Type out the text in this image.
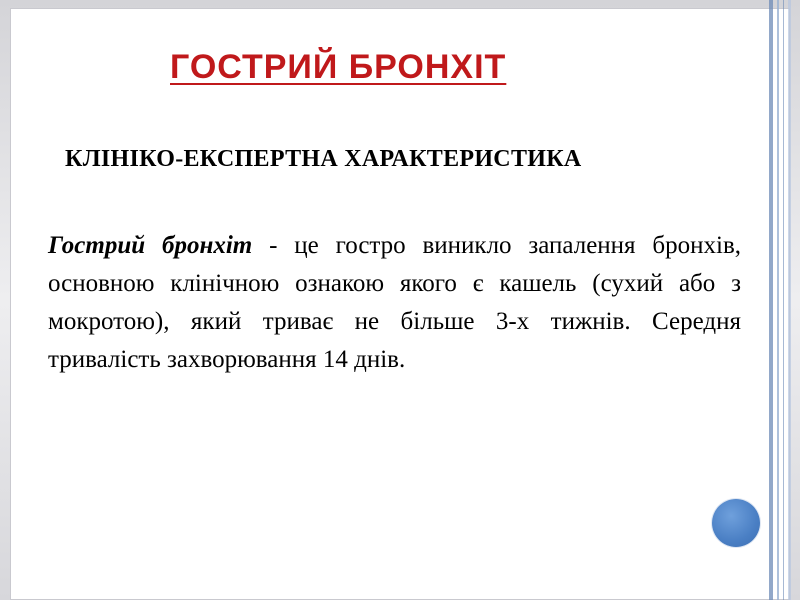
ГОСТРИЙ БРОНХІТ
КЛІНІКО-ЕКСПЕРТНА ХАРАКТЕРИСТИКА

Гострий бронхіт - це гостро виникло запалення бронхів, основною клінічною ознакою якого є кашель (сухий або з мокротою), який триває не більше 3-х тижнів. Середня тривалість захворювання 14 днів.
